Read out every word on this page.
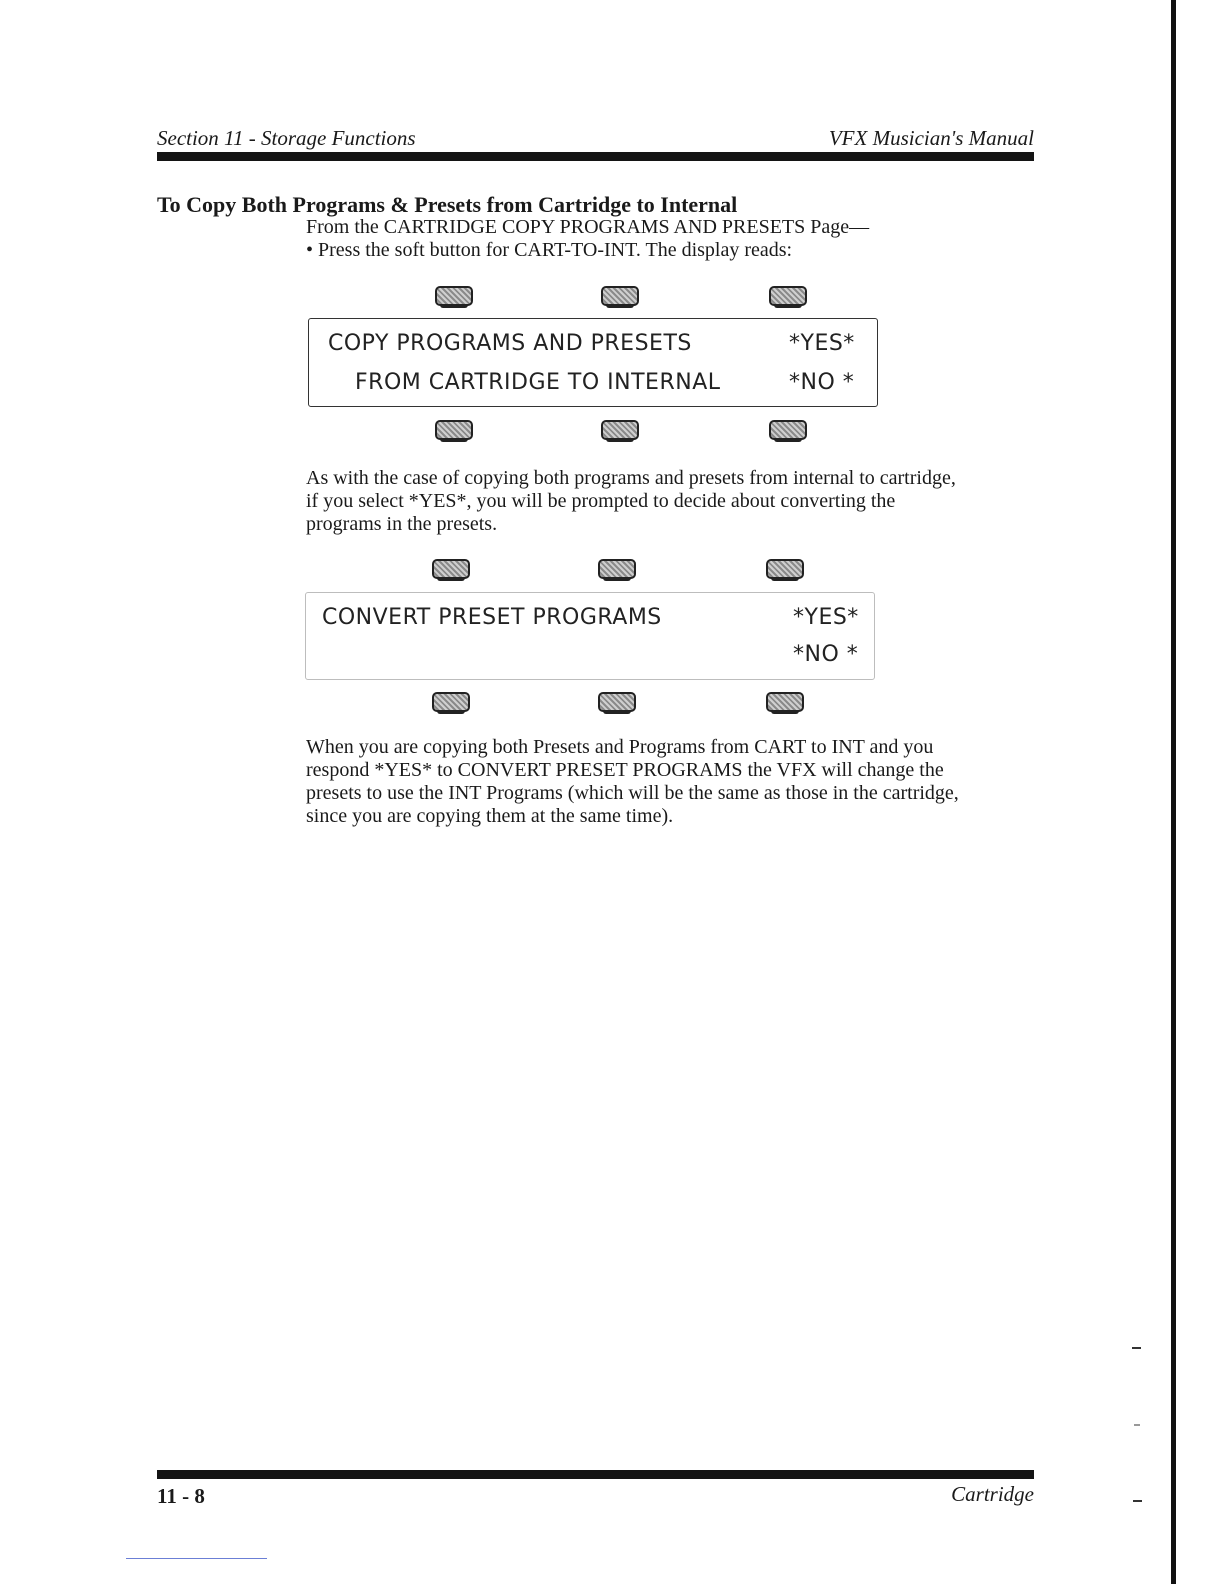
Section 11 - Storage Functions	VFX Musician's Manual
To Copy Both Programs & Presets from Cartridge to Internal
From the CARTRIDGE COPY PROGRAMS AND PRESETS Page—
• Press the soft button for CART-TO-INT. The display reads:
COPY PROGRAMS AND PRESETS	*YES*
FROM CARTRIDGE TO INTERNAL	*NO *
As with the case of copying both programs and presets from internal to cartridge,
if you select *YES*, you will be prompted to decide about converting the
programs in the presets.
CONVERT PRESET PROGRAMS	*YES*
*NO *
When you are copying both Presets and Programs from CART to INT and you
respond *YES* to CONVERT PRESET PROGRAMS the VFX will change the
presets to use the INT Programs (which will be the same as those in the cartridge,
since you are copying them at the same time).
11 - 8	Cartridge
